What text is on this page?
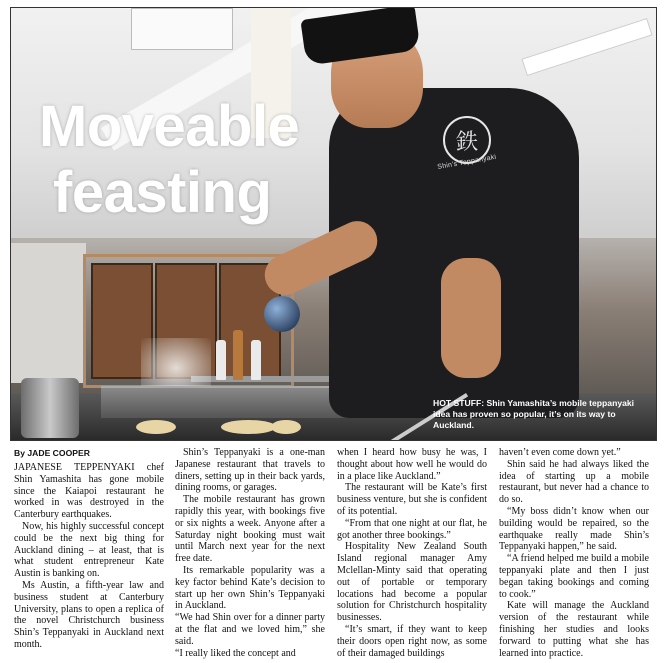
鉄
Shin’s Teppanyaki
Moveable
feasting
HOT STUFF: Shin Yamashita’s mobile teppanyaki idea has proven so popular, it’s on its way to Auckland.
By JADE COOPER

JAPANESE TEPPENYAKI chef Shin Yamashita has gone mobile since the Kaiapoi restaurant he worked in was destroyed in the Canterbury earthquakes.

Now, his highly successful concept could be the next big thing for Auckland dining – at least, that is what student entrepreneur Kate Austin is banking on.

Ms Austin, a fifth-year law and business student at Canterbury University, plans to open a replica of the novel Christchurch business Shin’s Teppanyaki in Auckland next month.

Shin’s Teppanyaki is a one-man Japanese restaurant that travels to diners, setting up in their back yards, dining rooms, or garages.

The mobile restaurant has grown rapidly this year, with bookings five or six nights a week. Anyone after a Saturday night booking must wait until March next year for the next free date.

Its remarkable popularity was a key factor behind Kate’s decision to start up her own Shin’s Teppanyaki in Auckland.

“We had Shin over for a dinner party at the flat and we loved him,” she said.

“I really liked the concept and

when I heard how busy he was, I thought about how well he would do in a place like Auckland.”

The restaurant will be Kate’s first business venture, but she is confident of its potential.

“From that one night at our flat, he got another three bookings.”

Hospitality New Zealand South Island regional manager Amy Mclellan-Minty said that operating out of portable or temporary locations had become a popular solution for Christchurch hospitality businesses.

“It’s smart, if they want to keep their doors open right now, as some of their damaged buildings

haven’t even come down yet.”

Shin said he had always liked the idea of starting up a mobile restaurant, but never had a chance to do so.

“My boss didn’t know when our building would be repaired, so the earthquake really made Shin’s Teppanyaki happen,” he said.

“A friend helped me build a mobile teppanyaki plate and then I just began taking bookings and coming to cook.”

Kate will manage the Auckland version of the restaurant while finishing her studies and looks forward to putting what she has learned into practice.
